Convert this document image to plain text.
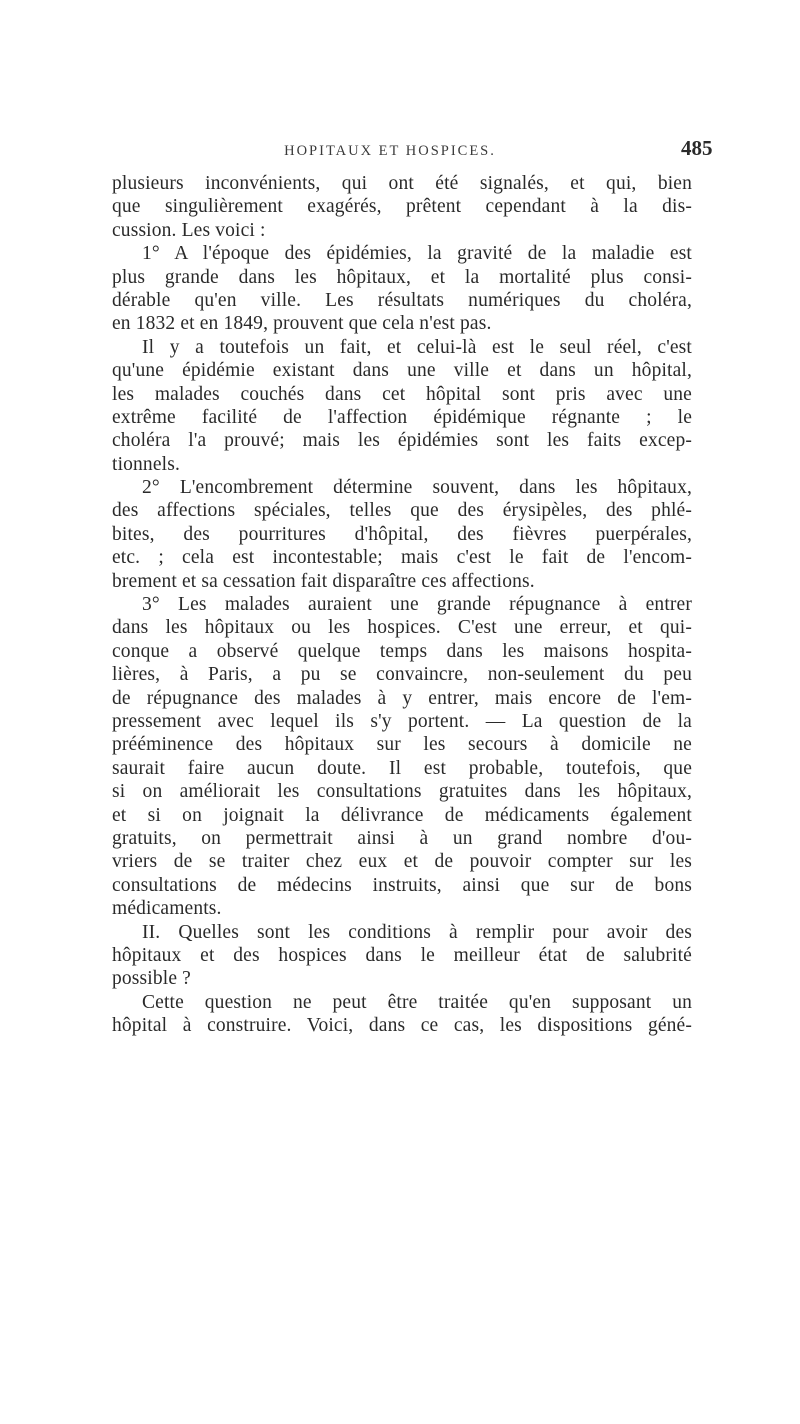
HOPITAUX ET HOSPICES.	485
plusieurs inconvénients, qui ont été signalés, et qui, bien
que singulièrement exagérés, prêtent cependant à la dis-
cussion. Les voici :
1° A l'époque des épidémies, la gravité de la maladie est
plus grande dans les hôpitaux, et la mortalité plus consi-
dérable qu'en ville. Les résultats numériques du choléra,
en 1832 et en 1849, prouvent que cela n'est pas.
Il y a toutefois un fait, et celui-là est le seul réel, c'est
qu'une épidémie existant dans une ville et dans un hôpital,
les malades couchés dans cet hôpital sont pris avec une
extrême facilité de l'affection épidémique régnante ; le
choléra l'a prouvé; mais les épidémies sont les faits excep-
tionnels.
2° L'encombrement détermine souvent, dans les hôpitaux,
des affections spéciales, telles que des érysipèles, des phlé-
bites, des pourritures d'hôpital, des fièvres puerpérales,
etc. ; cela est incontestable; mais c'est le fait de l'encom-
brement et sa cessation fait disparaître ces affections.
3° Les malades auraient une grande répugnance à entrer
dans les hôpitaux ou les hospices. C'est une erreur, et qui-
conque a observé quelque temps dans les maisons hospita-
lières, à Paris, a pu se convaincre, non-seulement du peu
de répugnance des malades à y entrer, mais encore de l'em-
pressement avec lequel ils s'y portent. — La question de la
prééminence des hôpitaux sur les secours à domicile ne
saurait faire aucun doute. Il est probable, toutefois, que
si on améliorait les consultations gratuites dans les hôpitaux,
et si on joignait la délivrance de médicaments également
gratuits, on permettrait ainsi à un grand nombre d'ou-
vriers de se traiter chez eux et de pouvoir compter sur les
consultations de médecins instruits, ainsi que sur de bons
médicaments.
II. Quelles sont les conditions à remplir pour avoir des
hôpitaux et des hospices dans le meilleur état de salubrité
possible ?
Cette question ne peut être traitée qu'en supposant un
hôpital à construire. Voici, dans ce cas, les dispositions géné-
